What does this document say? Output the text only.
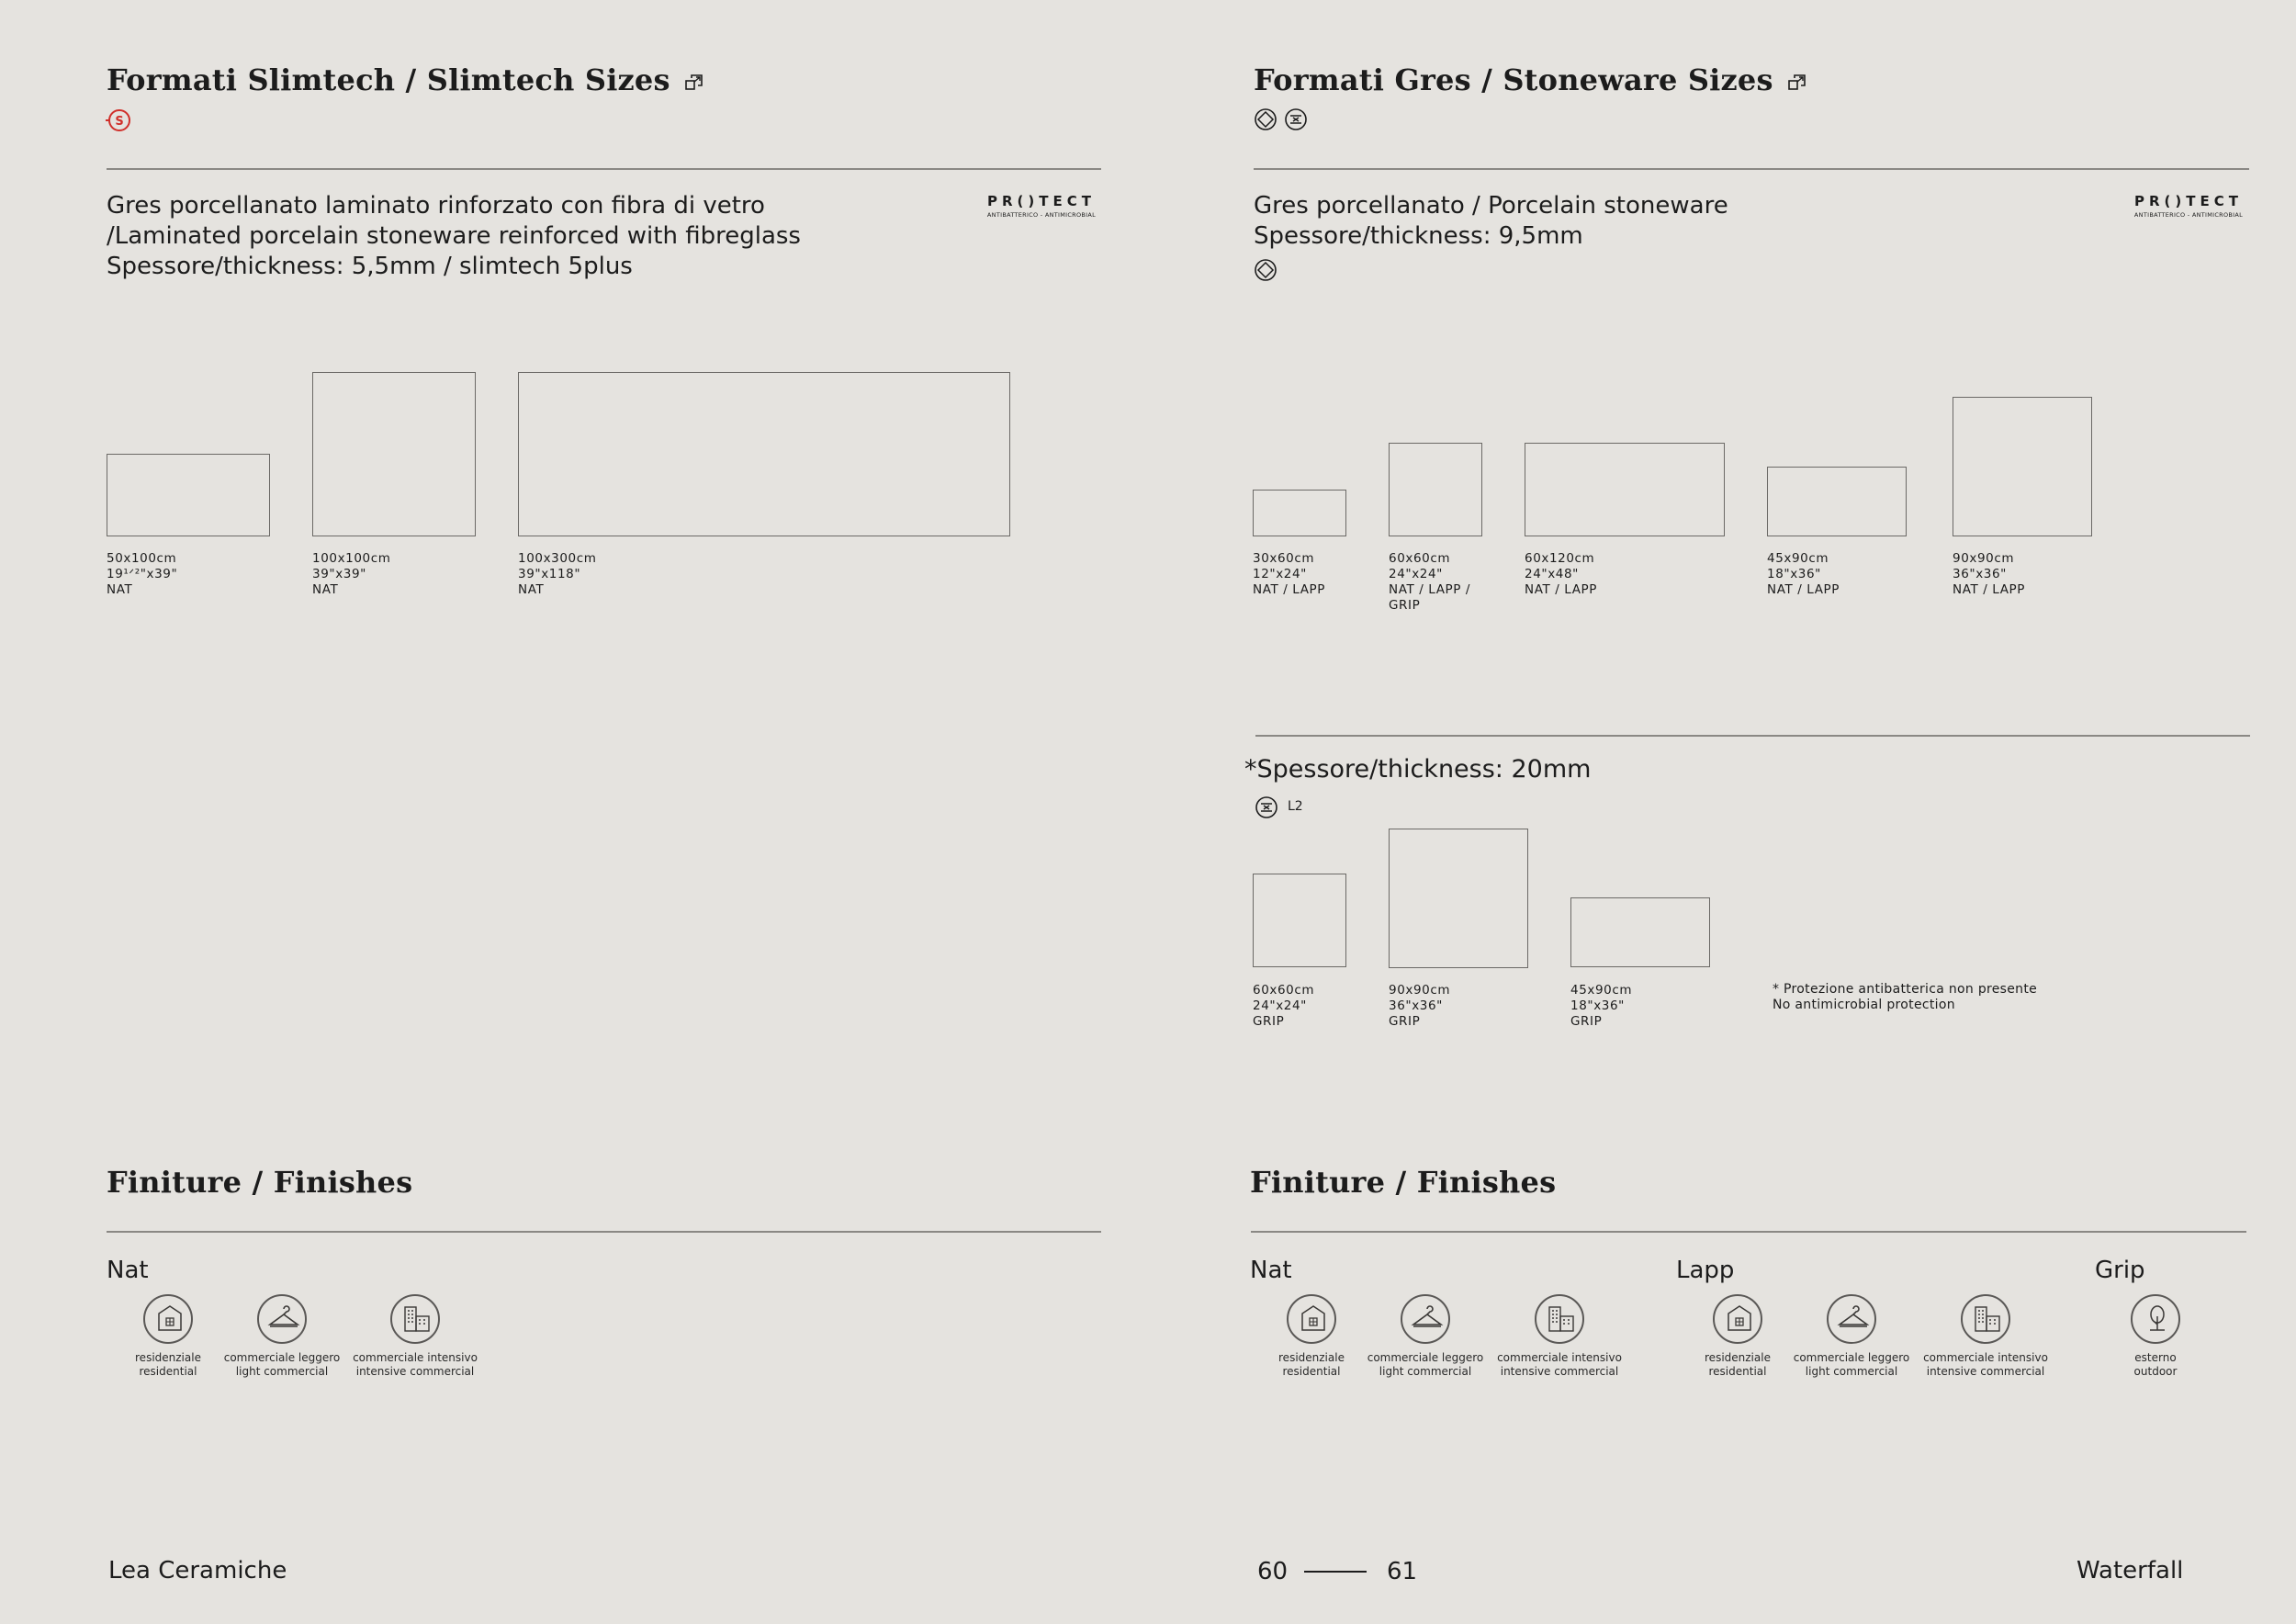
Formati Slimtech / Slimtech Sizes
S
Gres porcellanato laminato rinforzato con fibra di vetro
/Laminated porcelain stoneware reinforced with fibreglass
Spessore/thickness: 5,5mm / slimtech 5plus
PR()TECT
ANTIBATTERICO - ANTIMICROBIAL
50x100cm
19¹ᐟ²"x39"
NAT
100x100cm
39"x39"
NAT
100x300cm
39"x118"
NAT
Finiture / Finishes
Nat
Formati Gres / Stoneware Sizes
Gres porcellanato / Porcelain stoneware
Spessore/thickness: 9,5mm
PR()TECT
ANTIBATTERICO - ANTIMICROBIAL
30x60cm
12"x24"
NAT / LAPP
60x60cm
24"x24"
NAT / LAPP /
GRIP
60x120cm
24"x48"
NAT / LAPP
45x90cm
18"x36"
NAT / LAPP
90x90cm
36"x36"
NAT / LAPP
*Spessore/thickness: 20mm
L2
60x60cm
24"x24"
GRIP
90x90cm
36"x36"
GRIP
45x90cm
18"x36"
GRIP
* Protezione antibatterica non presente
No antimicrobial protection
Finiture / Finishes
Nat	Lapp	Grip
residenziale
residential
commerciale leggero
light commercial
commerciale intensivo
intensive commercial
residenziale
residential
commerciale leggero
light commercial
commerciale intensivo
intensive commercial
residenziale
residential
commerciale leggero
light commercial
commerciale intensivo
intensive commercial
esterno
outdoor
Lea Ceramiche	60	61	Waterfall
